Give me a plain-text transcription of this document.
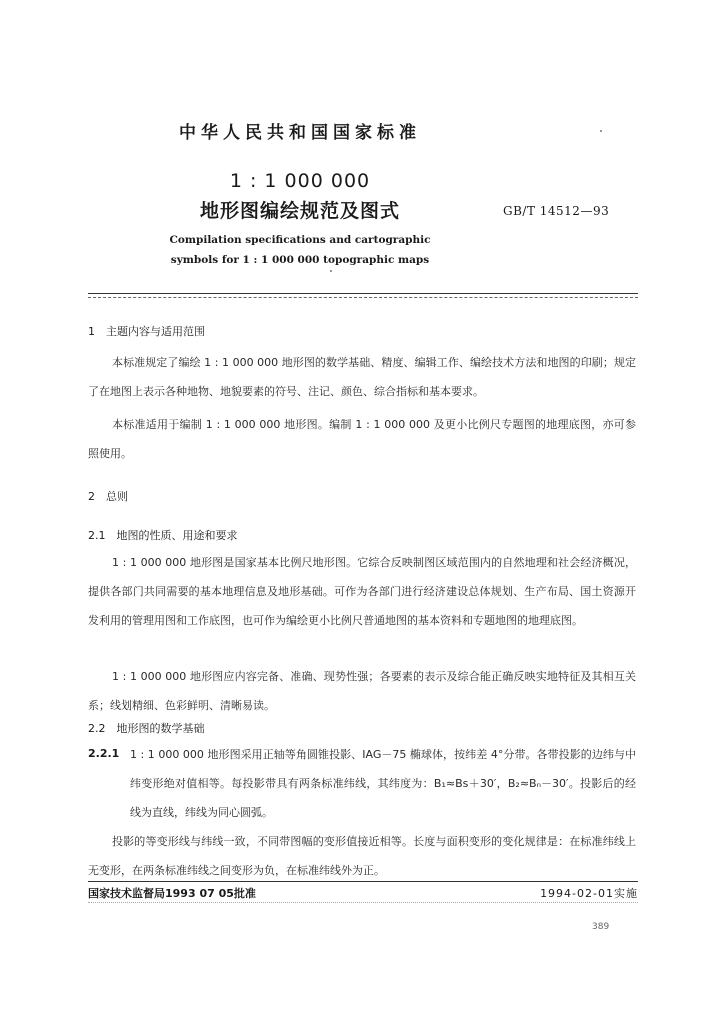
中华人民共和国国家标准
1 : 1 000 000
地形图编绘规范及图式	GB/T 14512—93
Compilation specifications and cartographic
symbols for 1 : 1 000 000 topographic maps
1　主题内容与适用范围
本标准规定了编绘 1 : 1 000 000 地形图的数学基础、精度、编辑工作、编绘技术方法和地图的印刷；规定了在地图上表示各种地物、地貌要素的符号、注记、颜色、综合指标和基本要求。
本标准适用于编制 1 : 1 000 000 地形图。编制 1 : 1 000 000 及更小比例尺专题图的地理底图，亦可参照使用。
2　总则
2.1　地图的性质、用途和要求
1 : 1 000 000 地形图是国家基本比例尺地形图。它综合反映制图区域范围内的自然地理和社会经济概况，提供各部门共同需要的基本地理信息及地形基础。可作为各部门进行经济建设总体规划、生产布局、国土资源开发利用的管理用图和工作底图，也可作为编绘更小比例尺普通地图的基本资料和专题地图的地理底图。
1 : 1 000 000 地形图应内容完备、准确、现势性强；各要素的表示及综合能正确反映实地特征及其相互关系；线划精细、色彩鲜明、清晰易读。
2.2　地形图的数学基础
2.2.1 1 : 1 000 000 地形图采用正轴等角圆锥投影、IAG－75 椭球体，按纬差 4°分带。各带投影的边纬与中纬变形绝对值相等。每投影带具有两条标准纬线，其纬度为：B₁≈Bs＋30′，B₂≈Bₙ－30′。投影后的经线为直线，纬线为同心圆弧。
投影的等变形线与纬线一致，不同带图幅的变形值接近相等。长度与面积变形的变化规律是：在标准纬线上无变形，在两条标准纬线之间变形为负，在标准纬线外为正。
国家技术监督局1993 07 05批准	1994-02-01实施
389
